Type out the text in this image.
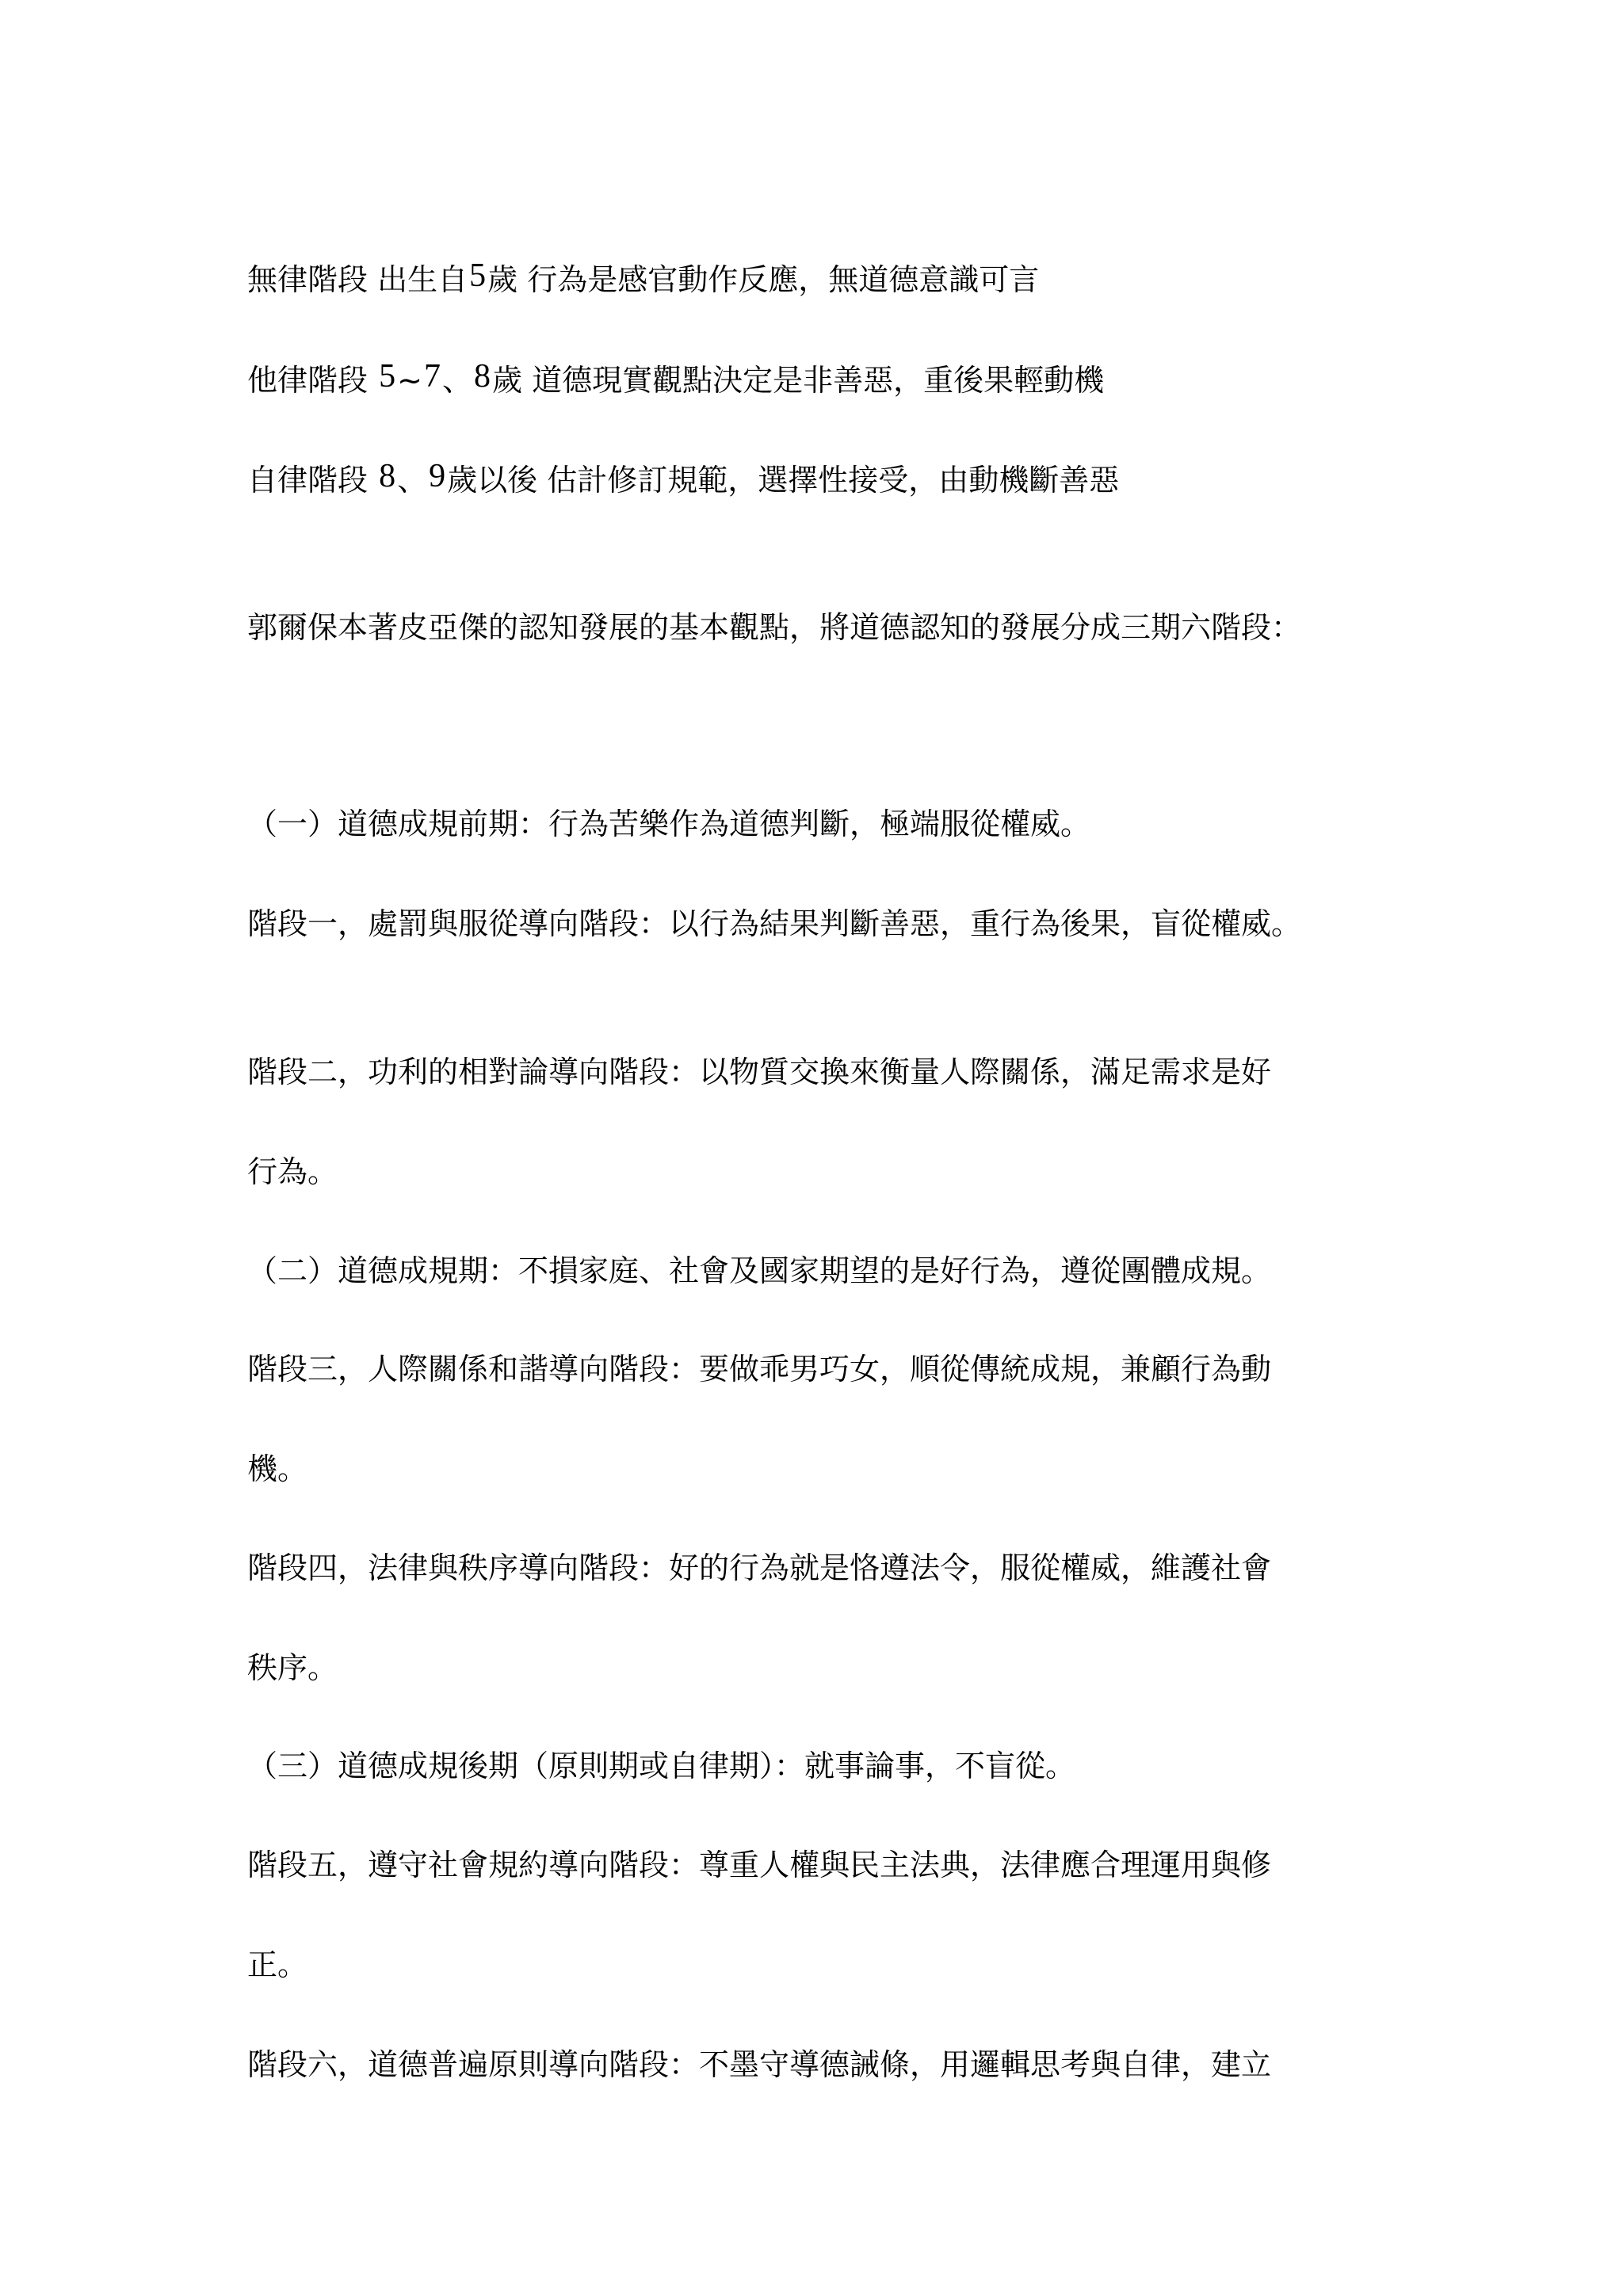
無律階段 出生自5歲 行為是感官動作反應，無道德意識可言
他律階段 5~7、8歲 道德現實觀點決定是非善惡，重後果輕動機
自律階段 8、9歲以後 估計修訂規範，選擇性接受，由動機斷善惡
郭爾保本著皮亞傑的認知發展的基本觀點，將道德認知的發展分成三期六階段：
（一）道德成規前期：行為苦樂作為道德判斷，極端服從權威。
階段一，處罰與服從導向階段：以行為結果判斷善惡，重行為後果，盲從權威。
階段二，功利的相對論導向階段：以物質交換來衡量人際關係，滿足需求是好
行為。
（二）道德成規期：不損家庭、社會及國家期望的是好行為，遵從團體成規。
階段三，人際關係和諧導向階段：要做乖男巧女，順從傳統成規，兼顧行為動
機。
階段四，法律與秩序導向階段：好的行為就是恪遵法令，服從權威，維護社會
秩序。
（三）道德成規後期（原則期或自律期）：就事論事，不盲從。
階段五，遵守社會規約導向階段：尊重人權與民主法典，法律應合理運用與修
正。
階段六，道德普遍原則導向階段：不墨守導德誡條，用邏輯思考與自律，建立
